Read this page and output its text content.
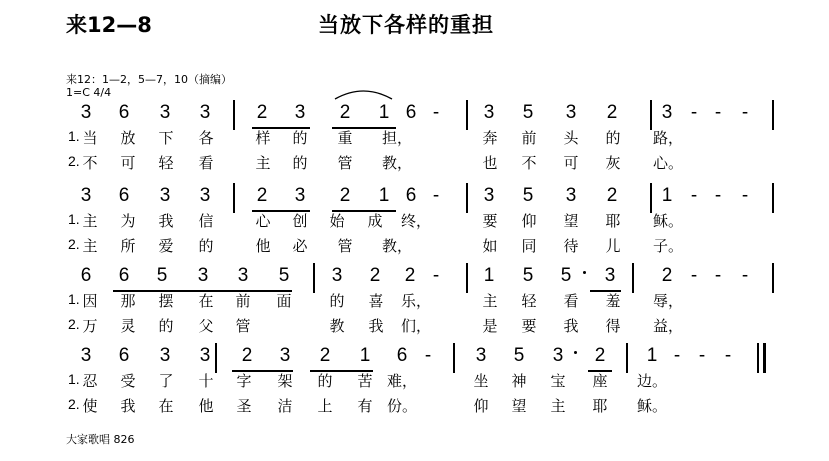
来12—8	当放下各样的重担
来12：1—2，5—7，10（摘编）
1=C 4/4
大家歌唱 826
3 6 3 3 2 3 2 1 6 - 3 5 3 2 3 - - -
1. 当 放 下 各	样 的 重 担，	奔 前 头 的 路，
2. 不 可 轻 看	主 的 管 教，	也 不 可 灰 心。
3 6 3 3 2 3 2 1 6 - 3 5 3 2 1 - - -
1. 主 为 我 信	心 创 始 成 终，	要 仰 望 耶 稣。
2. 主 所 爱 的	他 必 管 教，	如 同 待 儿 子。
6 6 5 3 3 5 3 2 2 - 1 5 5 3 2 - - -
1. 因 那 摆 在 前 面	的 喜 乐，	主 轻 看 羞 辱，
2. 万 灵 的 父 管	教 我 们，	是 要 我 得 益，
3 6 3 3 2 3 2 1 6 - 3 5 3 2 1 - - -
1. 忍 受 了 十 字 架 的 苦 难，	坐 神 宝 座 边。
2. 使 我 在 他 圣 洁 上 有 份。	仰 望 主 耶 稣。
